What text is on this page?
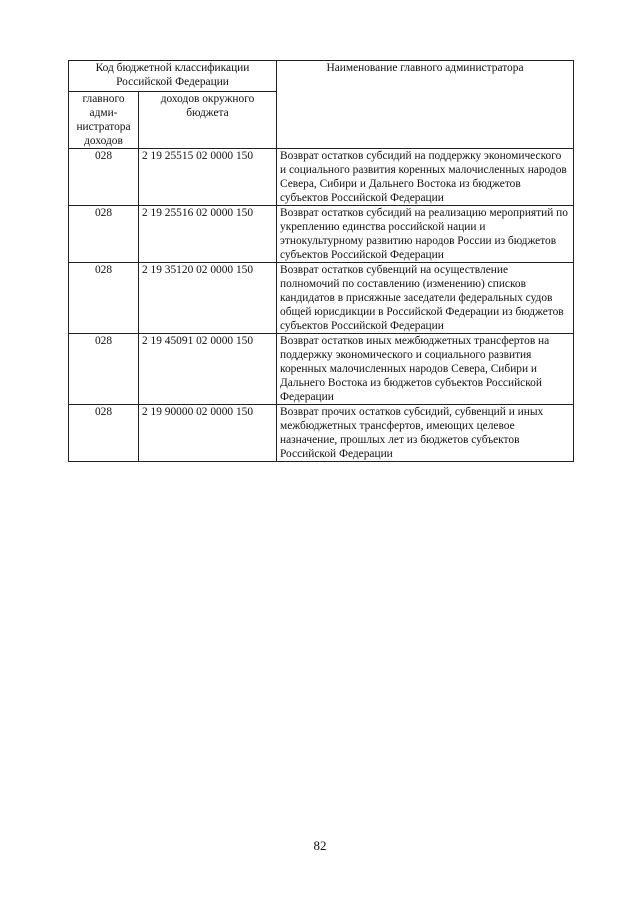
Код бюджетной классификации Российской Федерации		Наименование главного администратора
главного адми-нистратора доходов	доходов окружного бюджета	
028	2 19 25515 02 0000 150	Возврат остатков субсидий на поддержку экономического и социального развития коренных малочисленных народов Севера, Сибири и Дальнего Востока из бюджетов субъектов Российской Федерации
028	2 19 25516 02 0000 150	Возврат остатков субсидий на реализацию мероприятий по укреплению единства российской нации и этнокультурному развитию народов России из бюджетов субъектов Российской Федерации
028	2 19 35120 02 0000 150	Возврат остатков субвенций на осуществление полномочий по составлению (изменению) списков кандидатов в присяжные заседатели федеральных судов общей юрисдикции в Российской Федерации из бюджетов субъектов Российской Федерации
028	2 19 45091 02 0000 150	Возврат остатков иных межбюджетных трансфертов на поддержку экономического и социального развития коренных малочисленных народов Севера, Сибири и Дальнего Востока из бюджетов субъектов Российской Федерации
028	2 19 90000 02 0000 150	Возврат прочих остатков субсидий, субвенций и иных межбюджетных трансфертов, имеющих целевое назначение, прошлых лет из бюджетов субъектов Российской Федерации
82
